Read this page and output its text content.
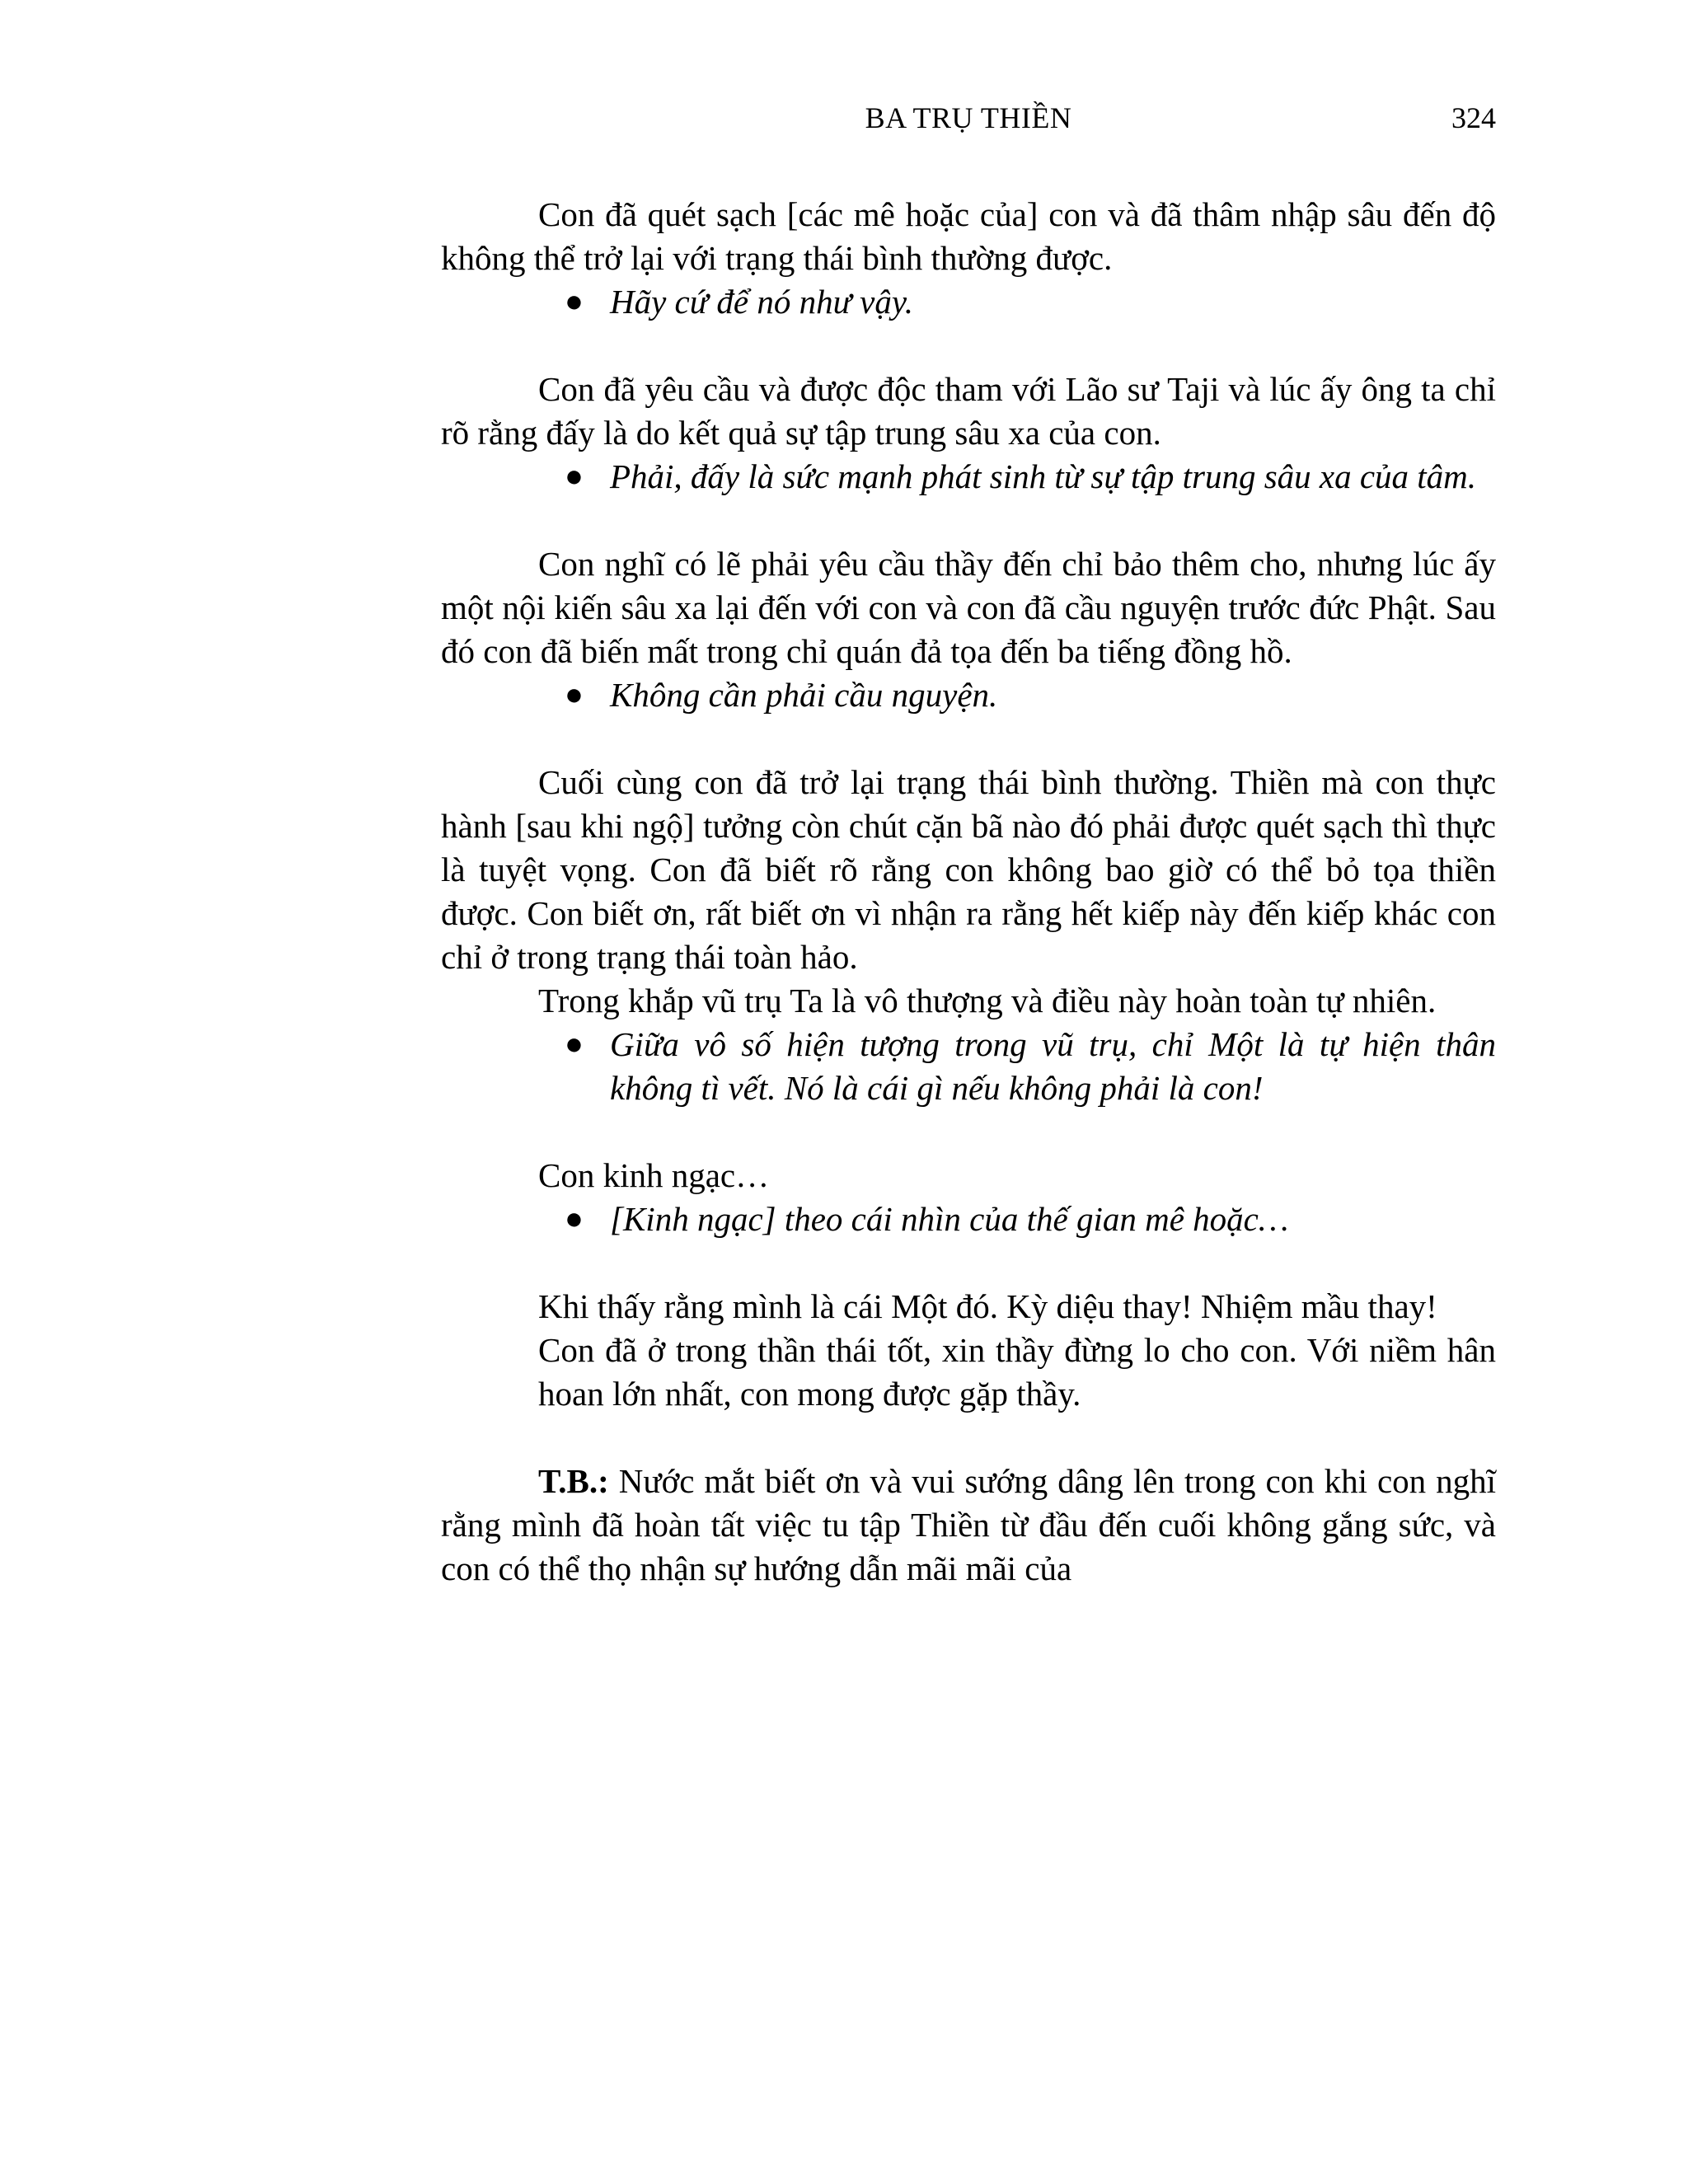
BA TRỤ THIỀN	324

Con đã quét sạch [các mê hoặc của] con và đã thâm nhập sâu đến độ không thể trở lại với trạng thái bình thường được.

● Hãy cứ để nó như vậy.

Con đã yêu cầu và được độc tham với Lão sư Taji và lúc ấy ông ta chỉ rõ rằng đấy là do kết quả sự tập trung sâu xa của con.

● Phải, đấy là sức mạnh phát sinh từ sự tập trung sâu xa của tâm.

Con nghĩ có lẽ phải yêu cầu thầy đến chỉ bảo thêm cho, nhưng lúc ấy một nội kiến sâu xa lại đến với con và con đã cầu nguyện trước đức Phật. Sau đó con đã biến mất trong chỉ quán đả tọa đến ba tiếng đồng hồ.

● Không cần phải cầu nguyện.

Cuối cùng con đã trở lại trạng thái bình thường. Thiền mà con thực hành [sau khi ngộ] tưởng còn chút cặn bã nào đó phải được quét sạch thì thực là tuyệt vọng. Con đã biết rõ rằng con không bao giờ có thể bỏ tọa thiền được. Con biết ơn, rất biết ơn vì nhận ra rằng hết kiếp này đến kiếp khác con chỉ ở trong trạng thái toàn hảo.

Trong khắp vũ trụ Ta là vô thượng và điều này hoàn toàn tự nhiên.

● Giữa vô số hiện tượng trong vũ trụ, chỉ Một là tự hiện thân không tì vết. Nó là cái gì nếu không phải là con!

Con kinh ngạc…

● [Kinh ngạc] theo cái nhìn của thế gian mê hoặc…

Khi thấy rằng mình là cái Một đó. Kỳ diệu thay! Nhiệm mầu thay!

Con đã ở trong thần thái tốt, xin thầy đừng lo cho con. Với niềm hân hoan lớn nhất, con mong được gặp thầy.

T.B.: Nước mắt biết ơn và vui sướng dâng lên trong con khi con nghĩ rằng mình đã hoàn tất việc tu tập Thiền từ đầu đến cuối không gắng sức, và con có thể thọ nhận sự hướng dẫn mãi mãi của
